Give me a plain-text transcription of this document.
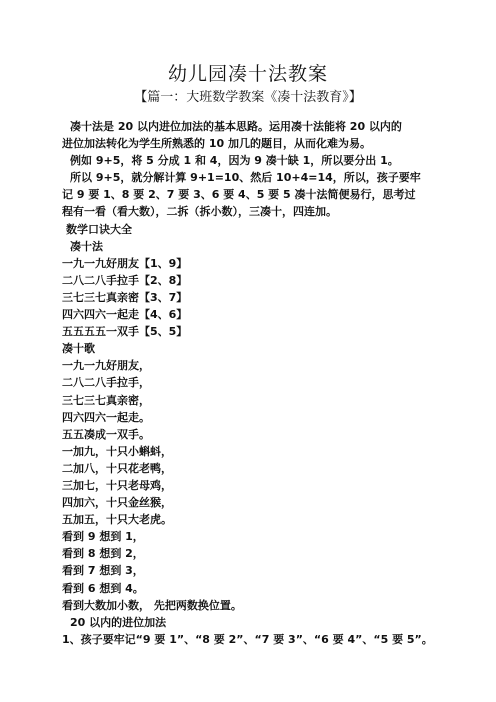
幼儿园凑十法教案
【篇一：大班数学教案《凑十法教育》】
凑十法是 20 以内进位加法的基本思路。运用凑十法能将 20 以内的
进位加法转化为学生所熟悉的 10 加几的题目，从而化难为易。
例如 9+5，将 5 分成 1 和 4，因为 9 凑十缺 1，所以要分出 1。
所以 9+5，就分解计算 9+1=10、然后 10+4=14，所以，孩子要牢
记 9 要 1、8 要 2、7 要 3、6 要 4、5 要 5 凑十法简便易行，思考过
程有一看（看大数），二拆（拆小数），三凑十，四连加。
数学口诀大全
凑十法
一九一九好朋友【1、9】
二八二八手拉手【2、8】
三七三七真亲密【3、7】
四六四六一起走【4、6】
五五五五一双手【5、5】
凑十歌
一九一九好朋友，
二八二八手拉手，
三七三七真亲密，
四六四六一起走。
五五凑成一双手。
一加九，十只小蝌蚪，
二加八，十只花老鸭，
三加七，十只老母鸡，
四加六，十只金丝猴，
五加五，十只大老虎。
看到 9 想到 1，
看到 8 想到 2，
看到 7 想到 3，
看到 6 想到 4。
看到大数加小数， 先把两数换位置。
20 以内的进位加法
1、孩子要牢记“9 要 1”、“8 要 2”、“7 要 3”、“6 要 4”、“5 要 5”。
